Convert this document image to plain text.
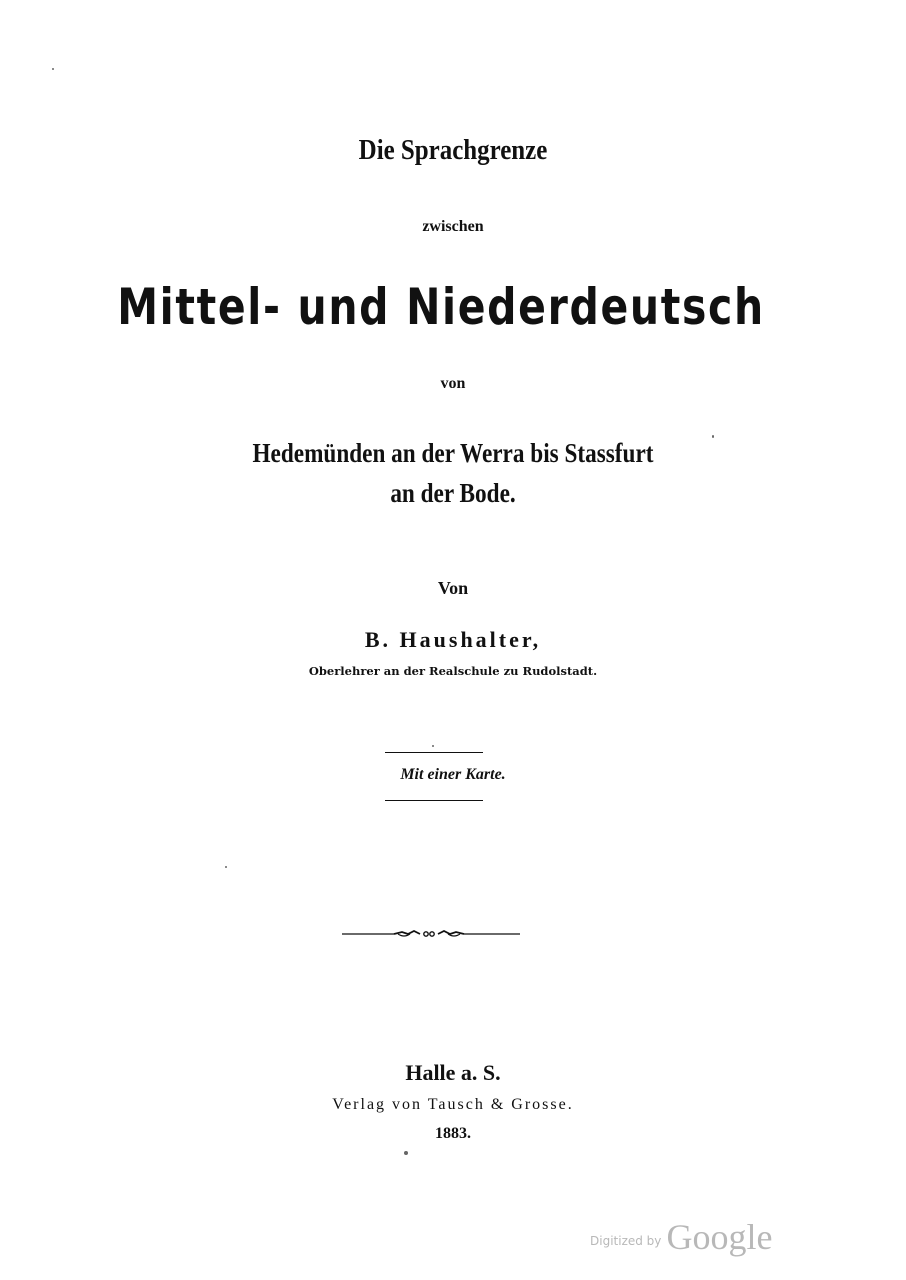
Die Sprachgrenze

zwischen

Mittel- und Niederdeutsch

von

Hedemünden an der Werra bis Stassfurt

an der Bode.

Von

B. Haushalter,

Oberlehrer an der Realschule zu Rudolstadt.

Mit einer Karte.

Halle a. S.

Verlag von Tausch & Grosse.

1883.

$^{Digitized by}$ Google
